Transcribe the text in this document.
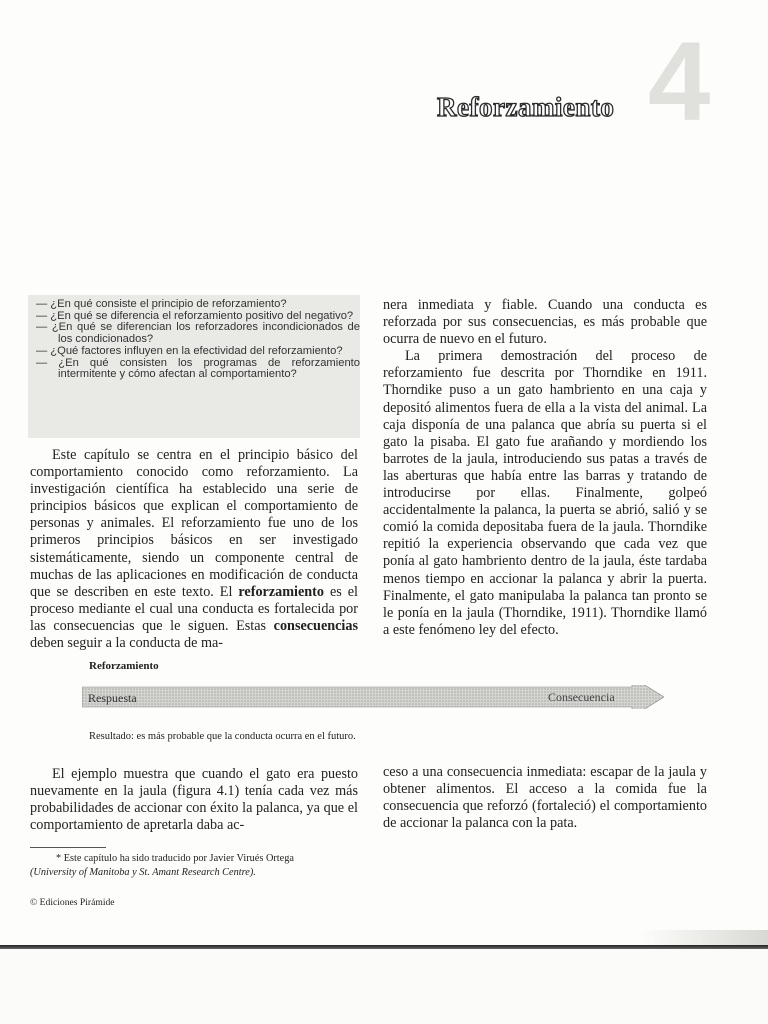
4
Reforzamiento

— ¿En qué consiste el principio de reforzamiento?

— ¿En qué se diferencia el reforzamiento positivo del negativo?

— ¿En qué se diferencian los reforzadores incondicionados de los condicionados?

— ¿Qué factores influyen en la efectividad del reforzamiento?

— ¿En qué consisten los programas de reforzamiento intermitente y cómo afectan al comportamiento?

Este capítulo se centra en el principio básico del comportamiento conocido como reforzamiento. La investigación científica ha establecido una serie de principios básicos que explican el comportamiento de personas y animales. El reforzamiento fue uno de los primeros principios básicos en ser investigado sistemáticamente, siendo un componente central de muchas de las aplicaciones en modificación de conducta que se describen en este texto. El reforzamiento es el proceso mediante el cual una conducta es fortalecida por las consecuencias que le siguen. Estas consecuencias deben seguir a la conducta de ma-

nera inmediata y fiable. Cuando una conducta es reforzada por sus consecuencias, es más probable que ocurra de nuevo en el futuro.

La primera demostración del proceso de reforzamiento fue descrita por Thorndike en 1911. Thorndike puso a un gato hambriento en una caja y depositó alimentos fuera de ella a la vista del animal. La caja disponía de una palanca que abría su puerta si el gato la pisaba. El gato fue arañando y mordiendo los barrotes de la jaula, introduciendo sus patas a través de las aberturas que había entre las barras y tratando de introducirse por ellas. Finalmente, golpeó accidentalmente la palanca, la puerta se abrió, salió y se comió la comida depositaba fuera de la jaula. Thorndike repitió la experiencia observando que cada vez que ponía al gato hambriento dentro de la jaula, éste tardaba menos tiempo en accionar la palanca y abrir la puerta. Finalmente, el gato manipulaba la palanca tan pronto se le ponía en la jaula (Thorndike, 1911). Thorndike llamó a este fenómeno ley del efecto.

Reforzamiento
Respuesta	Consecuencia
Resultado: es más probable que la conducta ocurra en el futuro.

El ejemplo muestra que cuando el gato era puesto nuevamente en la jaula (figura 4.1) tenía cada vez más probabilidades de accionar con éxito la palanca, ya que el comportamiento de apretarla daba ac-

ceso a una consecuencia inmediata: escapar de la jaula y obtener alimentos. El acceso a la comida fue la consecuencia que reforzó (fortaleció) el comportamiento de accionar la palanca con la pata.

* Este capítulo ha sido traducido por Javier Virués Ortega
(University of Manitoba y St. Amant Research Centre).
© Ediciones Pirámide
